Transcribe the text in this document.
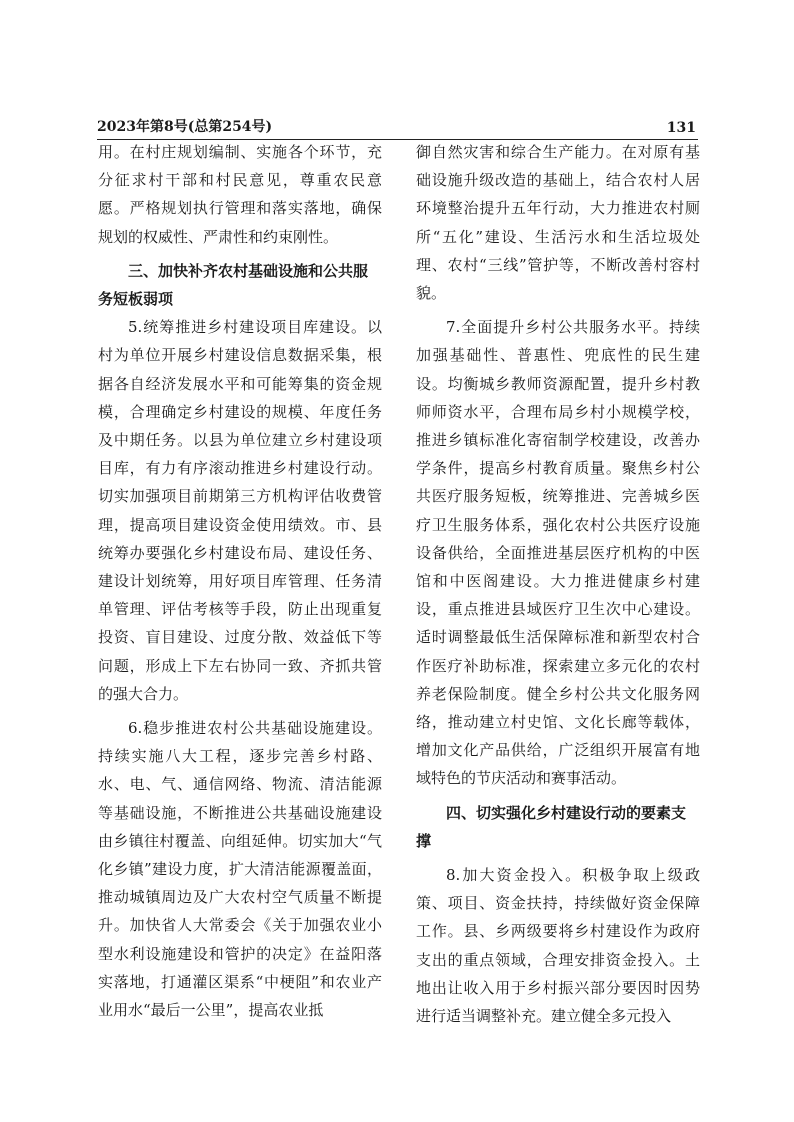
2023年第8号(总第254号)	131

用。在村庄规划编制、实施各个环节，充分征求村干部和村民意见，尊重农民意愿。严格规划执行管理和落实落地，确保规划的权威性、严肃性和约束刚性。

三、加快补齐农村基础设施和公共服务短板弱项

5.统筹推进乡村建设项目库建设。以村为单位开展乡村建设信息数据采集，根据各自经济发展水平和可能筹集的资金规模，合理确定乡村建设的规模、年度任务及中期任务。以县为单位建立乡村建设项目库，有力有序滚动推进乡村建设行动。切实加强项目前期第三方机构评估收费管理，提高项目建设资金使用绩效。市、县统筹办要强化乡村建设布局、建设任务、建设计划统筹，用好项目库管理、任务清单管理、评估考核等手段，防止出现重复投资、盲目建设、过度分散、效益低下等问题，形成上下左右协同一致、齐抓共管的强大合力。

6.稳步推进农村公共基础设施建设。持续实施八大工程，逐步完善乡村路、水、电、气、通信网络、物流、清洁能源等基础设施，不断推进公共基础设施建设由乡镇往村覆盖、向组延伸。切实加大“气化乡镇”建设力度，扩大清洁能源覆盖面，推动城镇周边及广大农村空气质量不断提升。加快省人大常委会《关于加强农业小型水利设施建设和管护的决定》在益阳落实落地，打通灌区渠系“中梗阻”和农业产业用水“最后一公里”，提高农业抵

御自然灾害和综合生产能力。在对原有基础设施升级改造的基础上，结合农村人居环境整治提升五年行动，大力推进农村厕所“五化”建设、生活污水和生活垃圾处理、农村“三线”管护等，不断改善村容村貌。

7.全面提升乡村公共服务水平。持续加强基础性、普惠性、兜底性的民生建设。均衡城乡教师资源配置，提升乡村教师师资水平，合理布局乡村小规模学校，推进乡镇标准化寄宿制学校建设，改善办学条件，提高乡村教育质量。聚焦乡村公共医疗服务短板，统筹推进、完善城乡医疗卫生服务体系，强化农村公共医疗设施设备供给，全面推进基层医疗机构的中医馆和中医阁建设。大力推进健康乡村建设，重点推进县域医疗卫生次中心建设。适时调整最低生活保障标准和新型农村合作医疗补助标准，探索建立多元化的农村养老保险制度。健全乡村公共文化服务网络，推动建立村史馆、文化长廊等载体，增加文化产品供给，广泛组织开展富有地域特色的节庆活动和赛事活动。

四、切实强化乡村建设行动的要素支撑

8.加大资金投入。积极争取上级政策、项目、资金扶持，持续做好资金保障工作。县、乡两级要将乡村建设作为政府支出的重点领域，合理安排资金投入。土地出让收入用于乡村振兴部分要因时因势进行适当调整补充。建立健全多元投入
